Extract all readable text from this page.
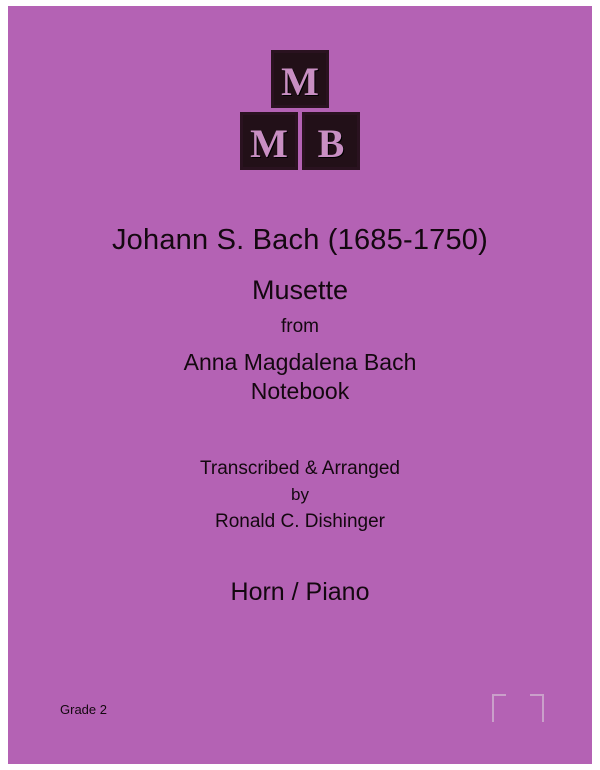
M
M B
Johann S. Bach (1685-1750)
Musette
from
Anna Magdalena Bach
Notebook
Transcribed & Arranged
by
Ronald C. Dishinger
Horn / Piano
Grade 2
